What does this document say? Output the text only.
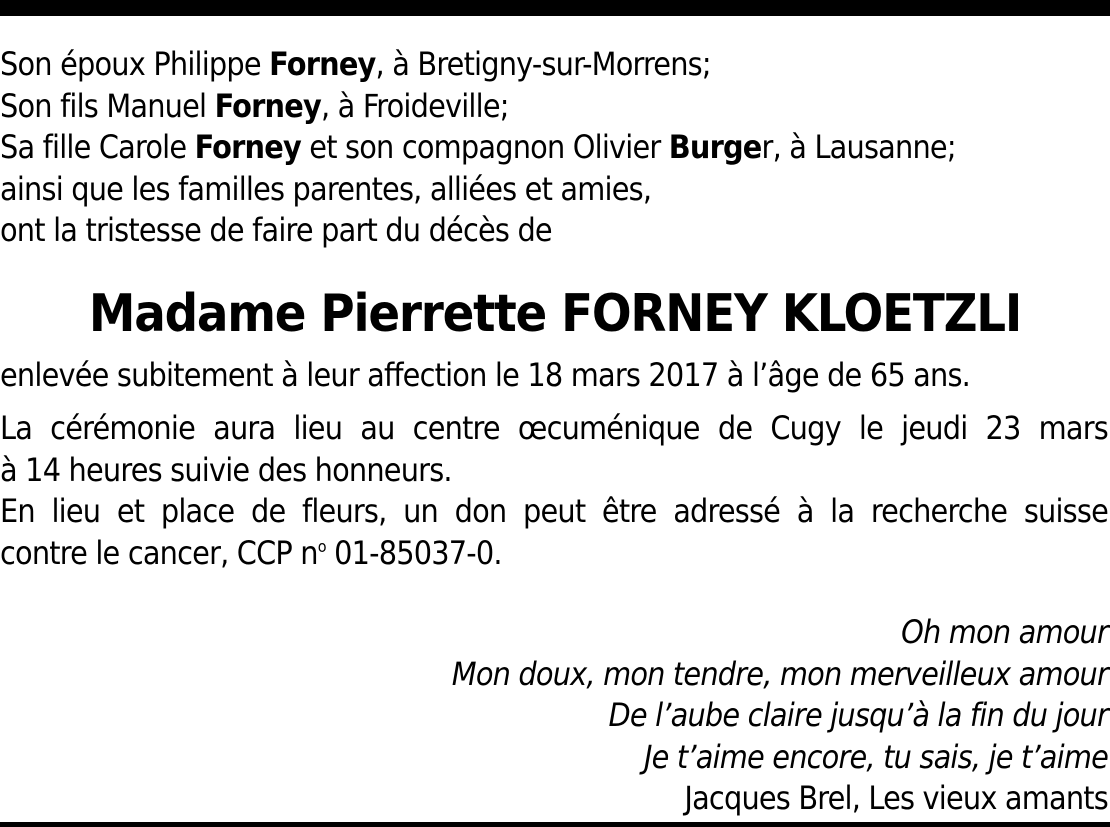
Son époux Philippe Forney, à Bretigny-sur-Morrens;
Son fils Manuel Forney, à Froideville;
Sa fille Carole Forney et son compagnon Olivier Burger, à Lausanne;
ainsi que les familles parentes, alliées et amies,
ont la tristesse de faire part du décès de
Madame Pierrette FORNEY KLOETZLI
enlevée subitement à leur affection le 18 mars 2017 à l’âge de 65 ans.
La cérémonie aura lieu au centre œcuménique de Cugy le jeudi 23 mars
à 14 heures suivie des honneurs.
En lieu et place de fleurs, un don peut être adressé à la recherche suisse
contre le cancer, CCP $n^o$ 01-85037-0.
Oh mon amour
Mon doux, mon tendre, mon merveilleux amour
De l’aube claire jusqu’à la fin du jour
Je t’aime encore, tu sais, je t’aime
Jacques Brel, Les vieux amants
